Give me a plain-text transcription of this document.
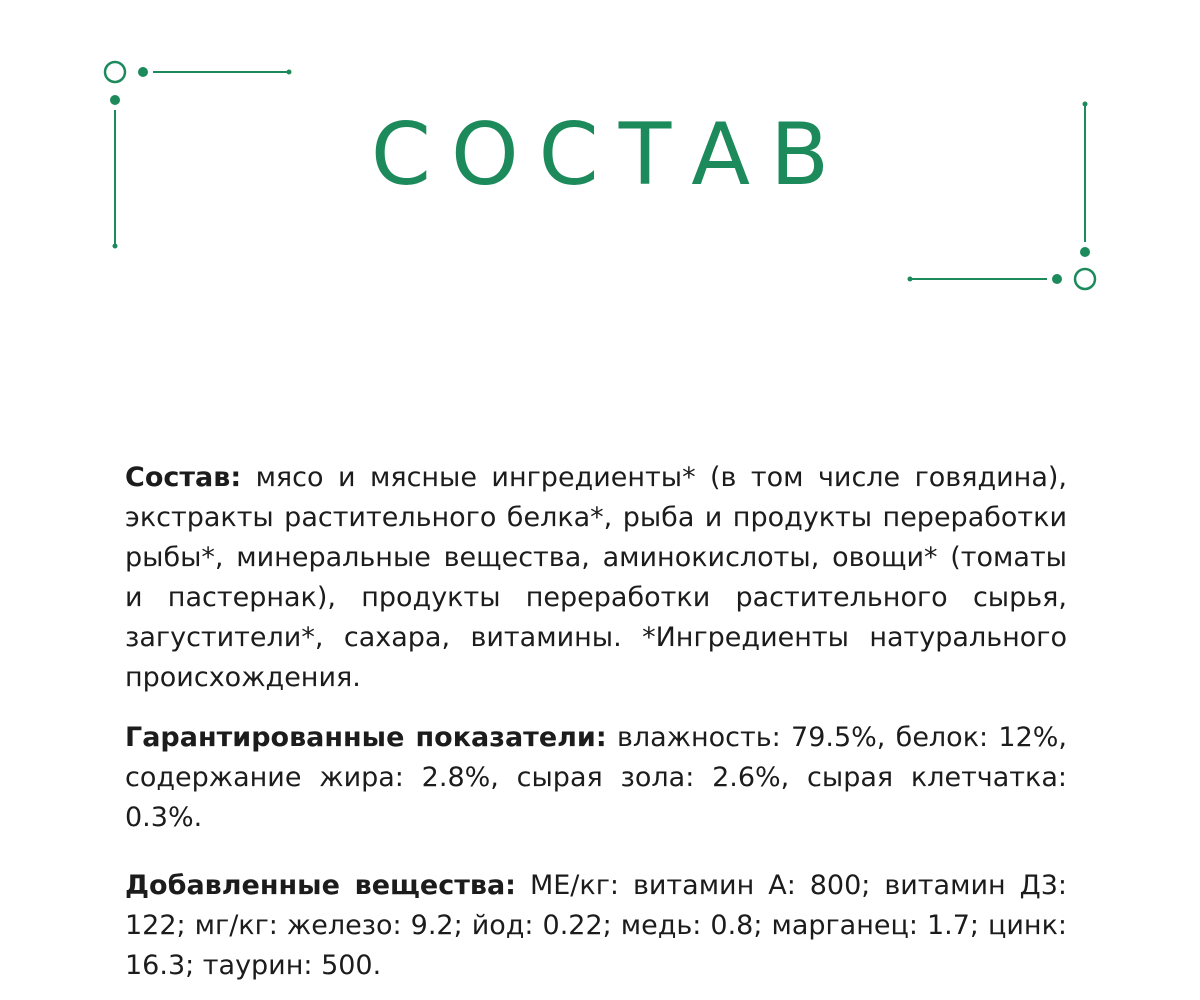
СОСТАВ

Состав: мясо и мясные ингредиенты* (в том числе говядина), экстракты растительного белка*, рыба и продукты переработки рыбы*, минеральные вещества, аминокислоты, овощи* (томаты и пастернак), продукты переработки растительного сырья, загустители*, сахара, витамины. *Ингредиенты натурального происхождения.

Гарантированные показатели: влажность: 79.5%, белок: 12%, содержание жира: 2.8%, сырая зола: 2.6%, сырая клетчатка: 0.3%.

Добавленные вещества: МЕ/кг: витамин А: 800; витамин Д3: 122; мг/кг: железо: 9.2; йод: 0.22; медь: 0.8; марганец: 1.7; цинк: 16.3; таурин: 500.
